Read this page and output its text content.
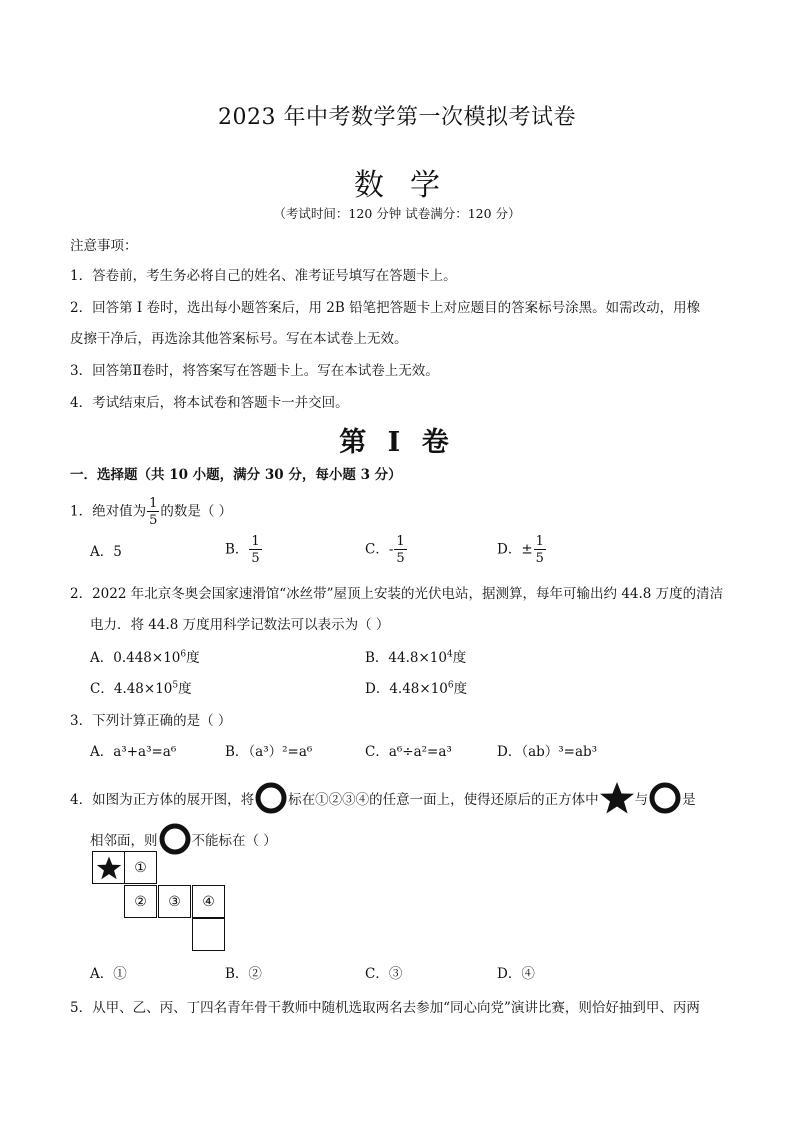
2023 年中考数学第一次模拟考试卷
数学
（考试时间：120 分钟 试卷满分：120 分）
注意事项：
1．答卷前，考生务必将自己的姓名、准考证号填写在答题卡上。
2．回答第 I 卷时，选出每小题答案后，用 2B 铅笔把答题卡上对应题目的答案标号涂黑。如需改动，用橡
皮擦干净后，再选涂其他答案标号。写在本试卷上无效。
3．回答第Ⅱ卷时，将答案写在答题卡上。写在本试卷上无效。
4．考试结束后，将本试卷和答题卡一并交回。
第 I 卷
一．选择题（共 10 小题，满分 30 分，每小题 3 分）
1．绝对值为 $\frac{1}{5}$ 的数是（ ）
A．5	B． $\frac{1}{5}$	C．- $\frac{1}{5}$	D．± $\frac{1}{5}$
2．2022 年北京冬奥会国家速滑馆“冰丝带”屋顶上安装的光伏电站，据测算，每年可输出约 44.8 万度的清洁
电力．将 44.8 万度用科学记数法可以表示为（ ）
A．$0.448\times 10^6$度	B．$44.8\times 10^4$度
C．$4.48\times 10^5$度	D．$4.48\times 10^6$度
3．下列计算正确的是（ ）
A．a³+a³=a⁶	B．（a³）²=a⁶	C．a⁶÷a²=a³	D．（ab）³=ab³
4．如图为正方体的展开图，将	标在①②③④的任意一面上，使得还原后的正方体中	与	是
相邻面，则	不能标在（ ）
①
②	③	④
A．①	B．②	C．③	D．④
5．从甲、乙、丙、丁四名青年骨干教师中随机选取两名去参加“同心向党”演讲比赛，则恰好抽到甲、丙两
